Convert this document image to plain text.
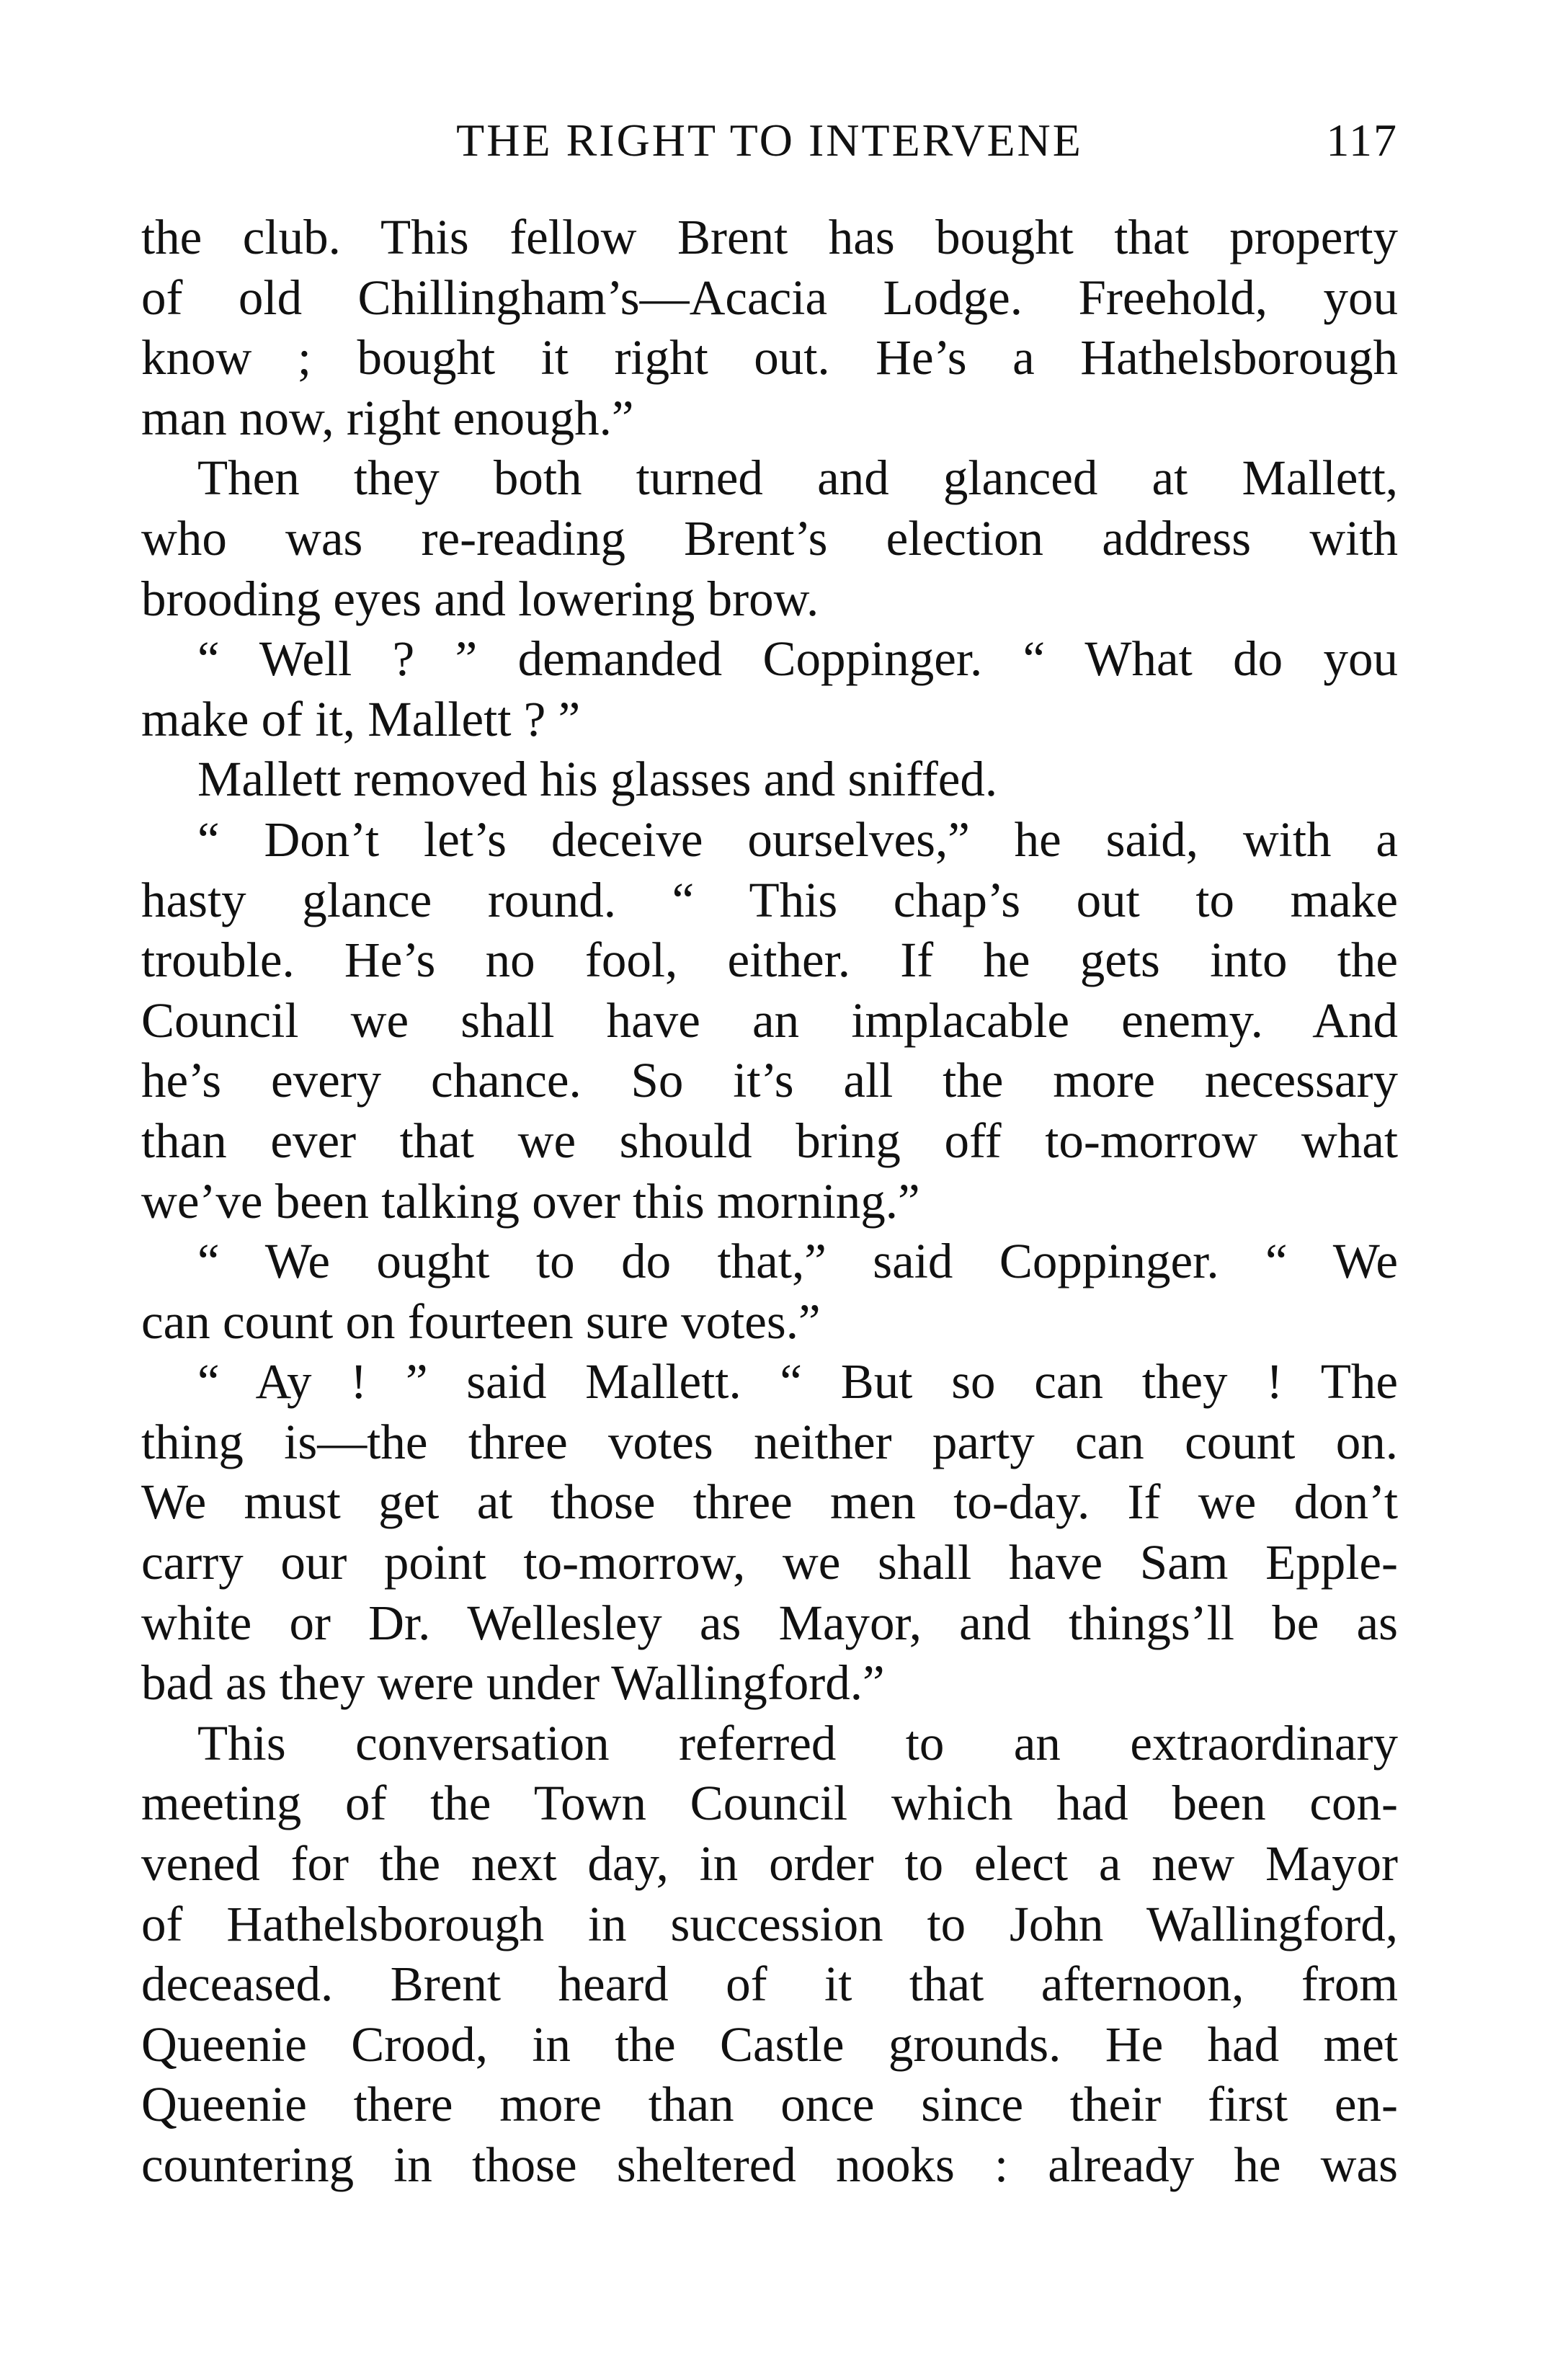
THE RIGHT TO INTERVENE	117
the club. This fellow Brent has bought that property
of old Chillingham’s—Acacia Lodge. Freehold, you
know ; bought it right out. He’s a Hathelsborough
man now, right enough.”
Then they both turned and glanced at Mallett,
who was re-reading Brent’s election address with
brooding eyes and lowering brow.
“ Well ? ” demanded Coppinger. “ What do you
make of it, Mallett ? ”
Mallett removed his glasses and sniffed.
“ Don’t let’s deceive ourselves,” he said, with a
hasty glance round. “ This chap’s out to make
trouble. He’s no fool, either. If he gets into the
Council we shall have an implacable enemy. And
he’s every chance. So it’s all the more necessary
than ever that we should bring off to-morrow what
we’ve been talking over this morning.”
“ We ought to do that,” said Coppinger. “ We
can count on fourteen sure votes.”
“ Ay ! ” said Mallett. “ But so can they ! The
thing is—the three votes neither party can count on.
We must get at those three men to-day. If we don’t
carry our point to-morrow, we shall have Sam Epple-
white or Dr. Wellesley as Mayor, and things’ll be as
bad as they were under Wallingford.”
This conversation referred to an extraordinary
meeting of the Town Council which had been con-
vened for the next day, in order to elect a new Mayor
of Hathelsborough in succession to John Wallingford,
deceased. Brent heard of it that afternoon, from
Queenie Crood, in the Castle grounds. He had met
Queenie there more than once since their first en-
countering in those sheltered nooks : already he was
